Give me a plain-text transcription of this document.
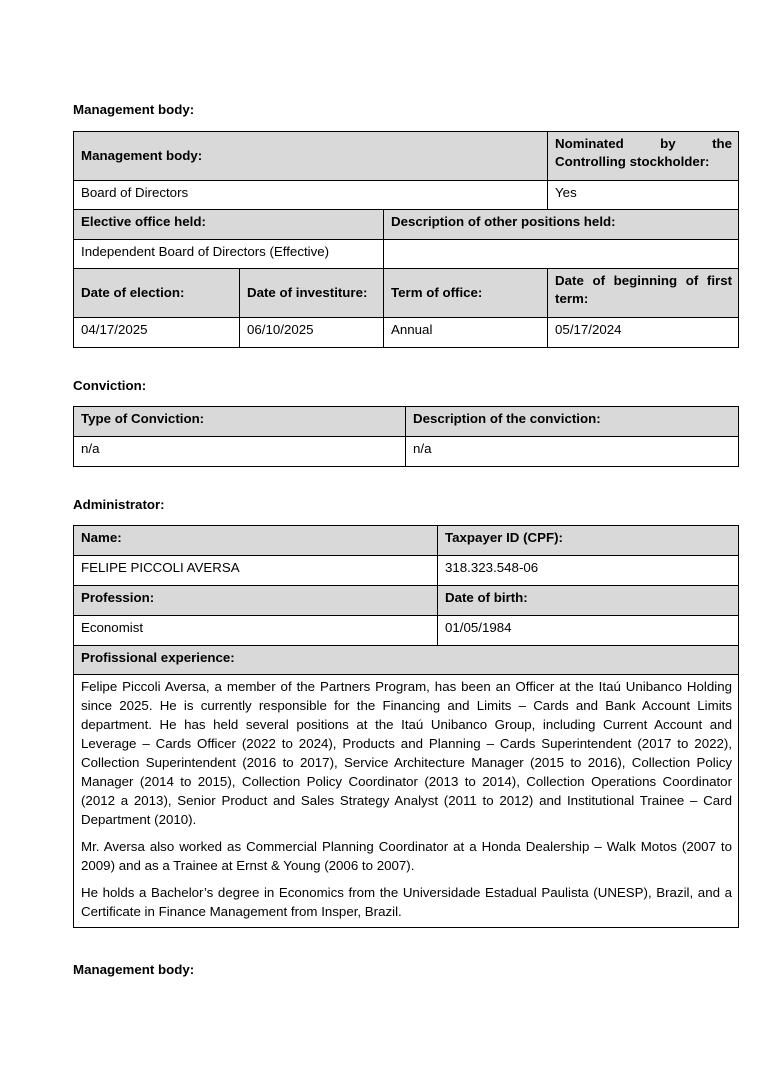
Management body:
Management body:			Nominated by the
Controlling stockholder:

Board of Directors			Yes
Elective office held:		Description of other positions held:	
Independent Board of Directors (Effective)			
Date of election:	Date of investiture:	Term of office:	Date of beginning of first
term:

04/17/2025	06/10/2025	Annual	05/17/2024
Conviction:
Type of Conviction:	Description of the conviction:
n/a	n/a
Administrator:
Name:	Taxpayer ID (CPF):
FELIPE PICCOLI AVERSA	318.323.548-06
Profession:	Date of birth:
Economist	01/05/1984
Profissional experience:	

Felipe Piccoli Aversa, a member of the Partners Program, has been an Officer at the Itaú Unibanco Holding since 2025. He is currently responsible for the Financing and Limits – Cards and Bank Account Limits department. He has held several positions at the Itaú Unibanco Group, including Current Account and Leverage – Cards Officer (2022 to 2024), Products and Planning – Cards Superintendent (2017 to 2022), Collection Superintendent (2016 to 2017), Service Architecture Manager (2015 to 2016), Collection Policy Manager (2014 to 2015), Collection Policy Coordinator (2013 to 2014), Collection Operations Coordinator (2012 a 2013), Senior Product and Sales Strategy Analyst (2011 to 2012) and Institutional Trainee – Card Department (2010).

Mr. Aversa also worked as Commercial Planning Coordinator at a Honda Dealership – Walk Motos (2007 to 2009) and as a Trainee at Ernst & Young (2006 to 2007).

He holds a Bachelor’s degree in Economics from the Universidade Estadual Paulista (UNESP), Brazil, and a Certificate in Finance Management from Insper, Brazil.	

Management body:
